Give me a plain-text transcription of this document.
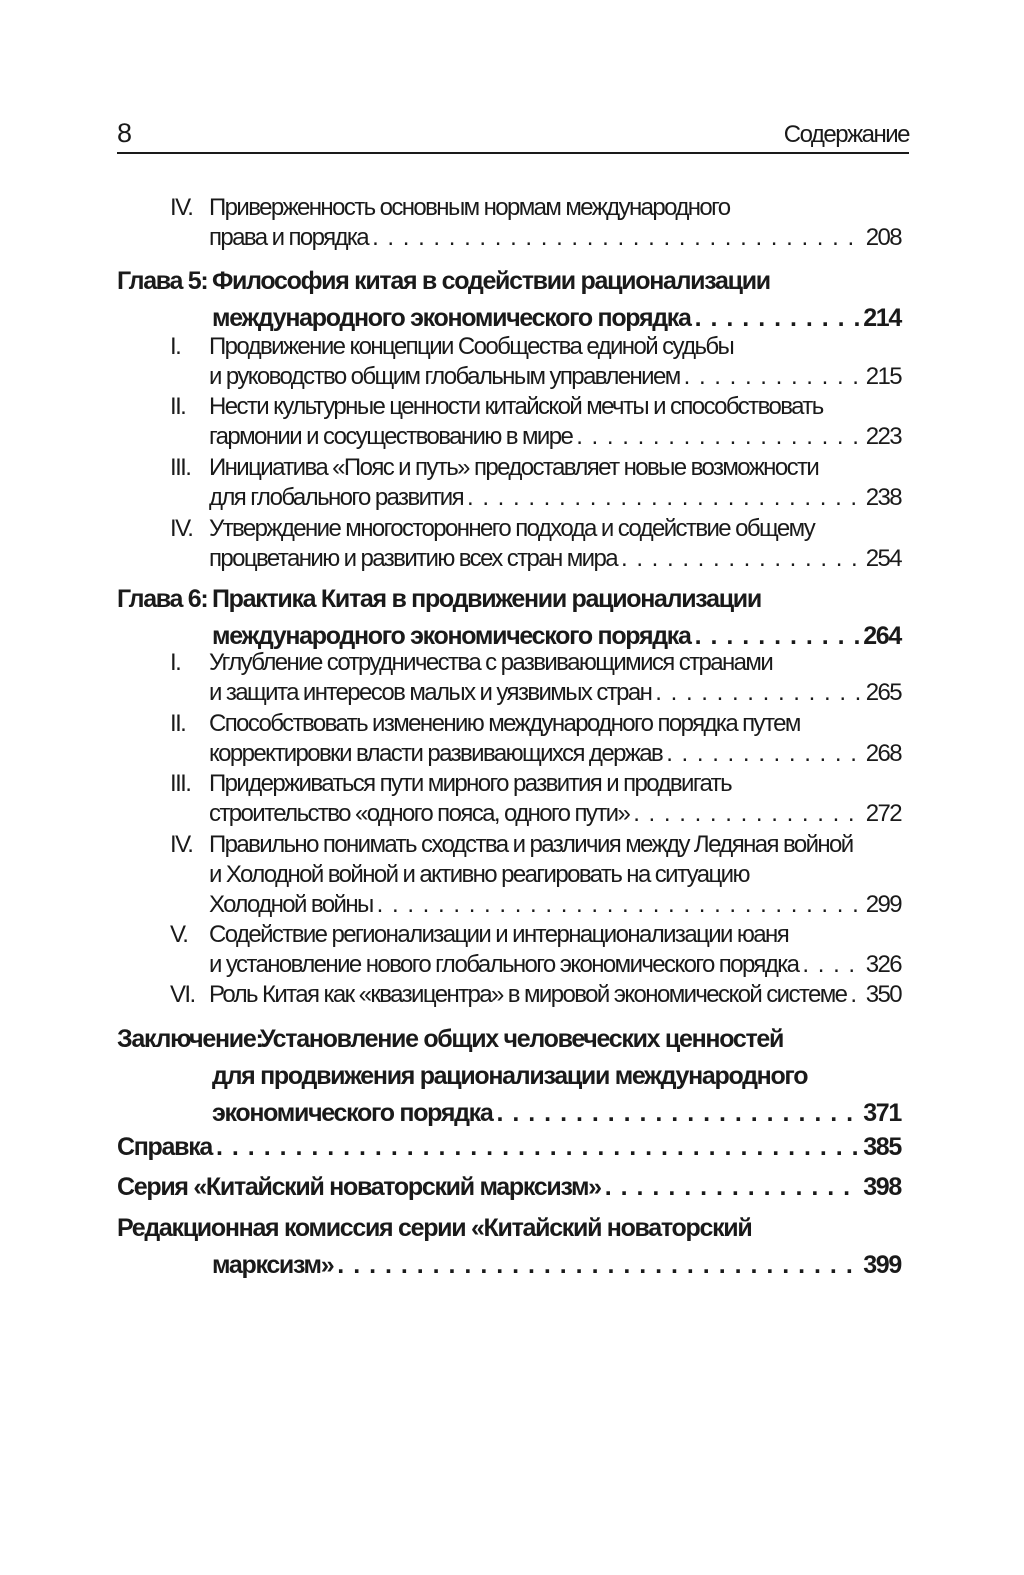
8	Содержание
IV. Приверженность основным нормам международного
права и порядка . . .	208
Глава 5: Философия китая в содействии рационализации
международного экономического порядка . . .	214
I. Продвижение концепции Сообщества единой судьбы
и руководство общим глобальным управлением . . .	215
II. Нести культурные ценности китайской мечты и способствовать
гармонии и сосуществованию в мире . . .	223
III. Инициатива «Пояс и путь» предоставляет новые возможности
для глобального развития . . .	238
IV. Утверждение многостороннего подхода и содействие общему
процветанию и развитию всех стран мира . . .	254
Глава 6: Практика Китая в продвижении рационализации
международного экономического порядка . . .	264
I. Углубление сотрудничества с развивающимися странами
и защита интересов малых и уязвимых стран . . .	265
II. Способствовать изменению международного порядка путем
корректировки власти развивающихся держав . . .	268
III. Придерживаться пути мирного развития и продвигать
строительство «одного пояса, одного пути» . . .	272
IV. Правильно понимать сходства и различия между Ледяная войной
и Холодной войной и активно реагировать на ситуацию
Холодной войны . . .	299
V. Содействие регионализации и интернационализации юаня
и установление нового глобального экономического порядка . . .	326
VI. Роль Китая как «квазицентра» в мировой экономической системе . . . 350
Заключение:
Установление общих человеческих ценностей
для продвижения рационализации международного
экономического порядка . . .	371
Справка . . .	385
Серия «Китайский новаторский марксизм» . . .	398
Редакционная комиссия серии «Китайский новаторский
марксизм» . . .	399
